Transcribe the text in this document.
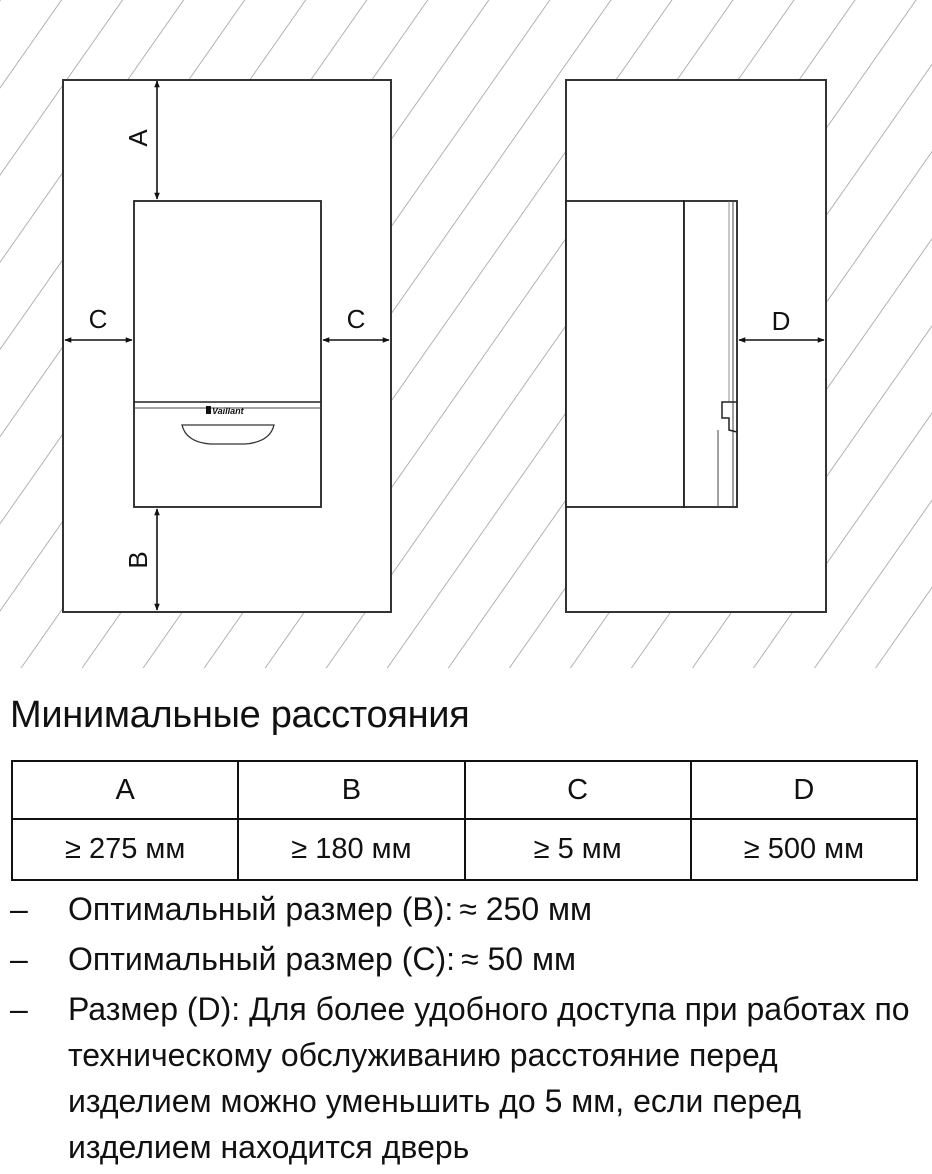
Vaillant
A
B
C	C	D
Минимальные расстояния
A	B	C	D
≥ 275 мм	≥ 180 мм	≥ 5 мм	≥ 500 мм
– Оптимальный размер (B): ≈ 250 мм
– Оптимальный размер (C): ≈ 50 мм
– Размер (D): Для более удобного доступа при работах по техническому обслуживанию расстояние перед изделием можно уменьшить до 5 мм, если перед изделием находится дверь
